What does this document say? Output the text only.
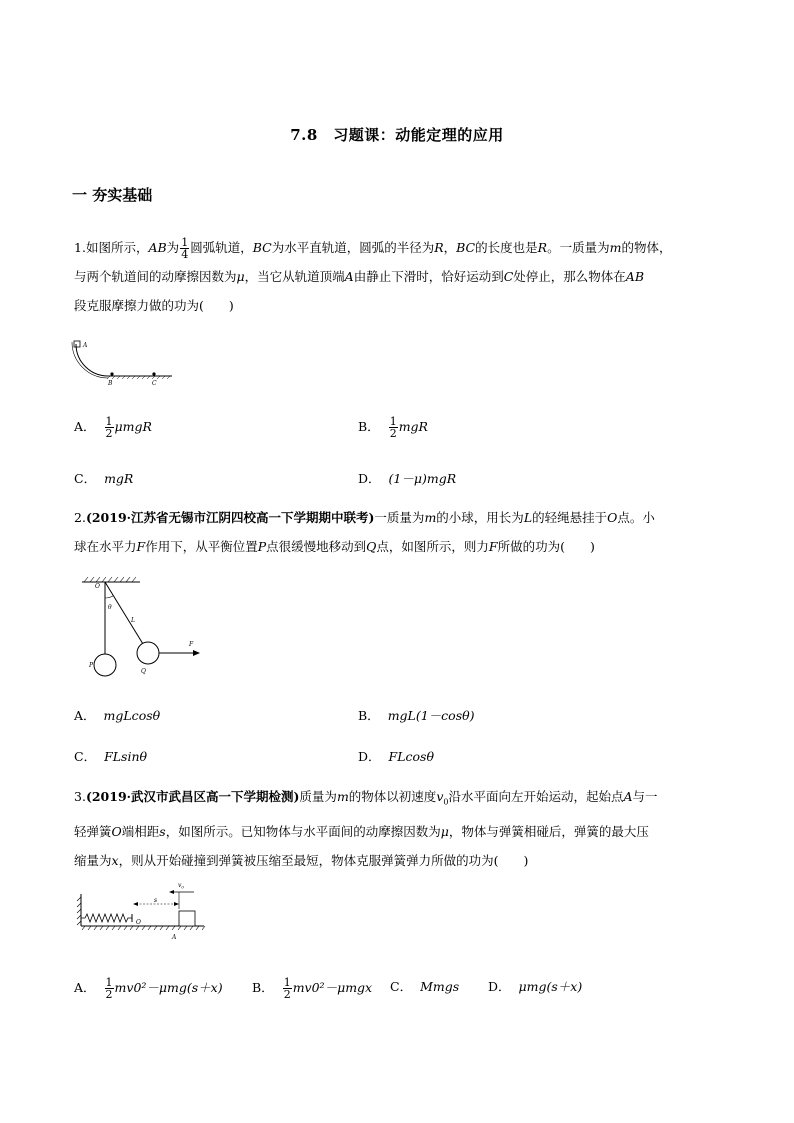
7.8　习题课：动能定理的应用
一 夯实基础
1.如图所示，AB为 $\frac{1}{4}$ 圆弧轨道，BC为水平直轨道，圆弧的半径为R，BC的长度也是R。一质量为m的物体，
与两个轨道间的动摩擦因数为μ，当它从轨道顶端A由静止下滑时，恰好运动到C处停止，那么物体在AB
段克服摩擦力做的功为(　　)
A
B	C
A． $\frac{1}{2}$ μmgR	B． $\frac{1}{2}$ mgR
C． mgR	D． (1－μ)mgR
2.(2019·江苏省无锡市江阴四校高一下学期期中联考)一质量为m的小球，用长为L的轻绳悬挂于O点。小
球在水平力F作用下，从平衡位置P点很缓慢地移动到Q点，如图所示，则力F所做的功为(　　)
O
θ
L
F
P
Q
A． mgLcosθ	B． mgL(1－cosθ)
C． FLsinθ	D． FLcosθ
3.(2019·武汉市武昌区高一下学期检测)质量为m的物体以初速度$v_0$沿水平面向左开始运动，起始点A与一
轻弹簧O端相距s，如图所示。已知物体与水平面间的动摩擦因数为μ，物体与弹簧相碰后，弹簧的最大压
缩量为x，则从开始碰撞到弹簧被压缩至最短，物体克服弹簧弹力所做的功为(　　)
$v_0$
s
O
A
A． $\frac{1}{2} mv0^2-\mu mg(s+x)$ B． $\frac{1}{2} mv0^2-\mu mgx$ C． Mmgs D． μmg(s＋x)
